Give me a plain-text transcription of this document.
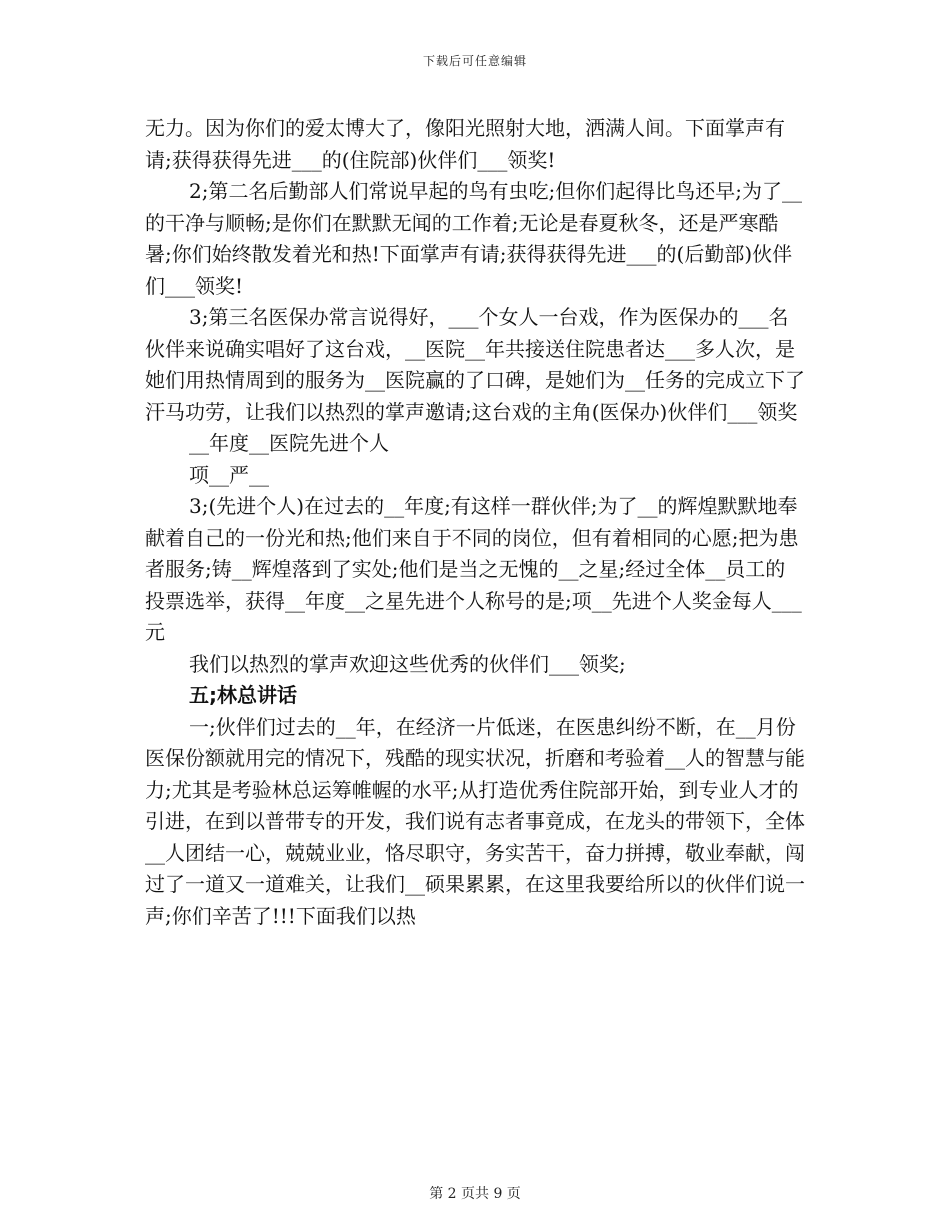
下载后可任意编辑

无力。因为你们的爱太博大了，像阳光照射大地，洒满人间。下面掌声有请;获得获得先进___的(住院部)伙伴们___领奖!

2;第二名后勤部人们常说早起的鸟有虫吃;但你们起得比鸟还早;为了__的干净与顺畅;是你们在默默无闻的工作着;无论是春夏秋冬，还是严寒酷暑;你们始终散发着光和热!下面掌声有请;获得获得先进___的(后勤部)伙伴们___领奖!

3;第三名医保办常言说得好，___个女人一台戏，作为医保办的___名伙伴来说确实唱好了这台戏，__医院__年共接送住院患者达___多人次，是她们用热情周到的服务为__医院赢的了口碑，是她们为__任务的完成立下了汗马功劳，让我们以热烈的掌声邀请;这台戏的主角(医保办)伙伴们___领奖

__年度__医院先进个人

项__严__

3;(先进个人)在过去的__年度;有这样一群伙伴;为了__的辉煌默默地奉献着自己的一份光和热;他们来自于不同的岗位，但有着相同的心愿;把为患者服务;铸__辉煌落到了实处;他们是当之无愧的__之星;经过全体__员工的投票选举，获得__年度__之星先进个人称号的是;项__先进个人奖金每人___元

我们以热烈的掌声欢迎这些优秀的伙伴们___领奖;

五;林总讲话

一;伙伴们过去的__年，在经济一片低迷，在医患纠纷不断，在__月份医保份额就用完的情况下，残酷的现实状况，折磨和考验着__人的智慧与能力;尤其是考验林总运筹帷幄的水平;从打造优秀住院部开始，到专业人才的引进，在到以普带专的开发，我们说有志者事竟成，在龙头的带领下，全体__人团结一心，兢兢业业，恪尽职守，务实苦干，奋力拼搏，敬业奉献，闯过了一道又一道难关，让我们__硕果累累，在这里我要给所以的伙伴们说一声;你们辛苦了!!!下面我们以热

第 2 页共 9 页
